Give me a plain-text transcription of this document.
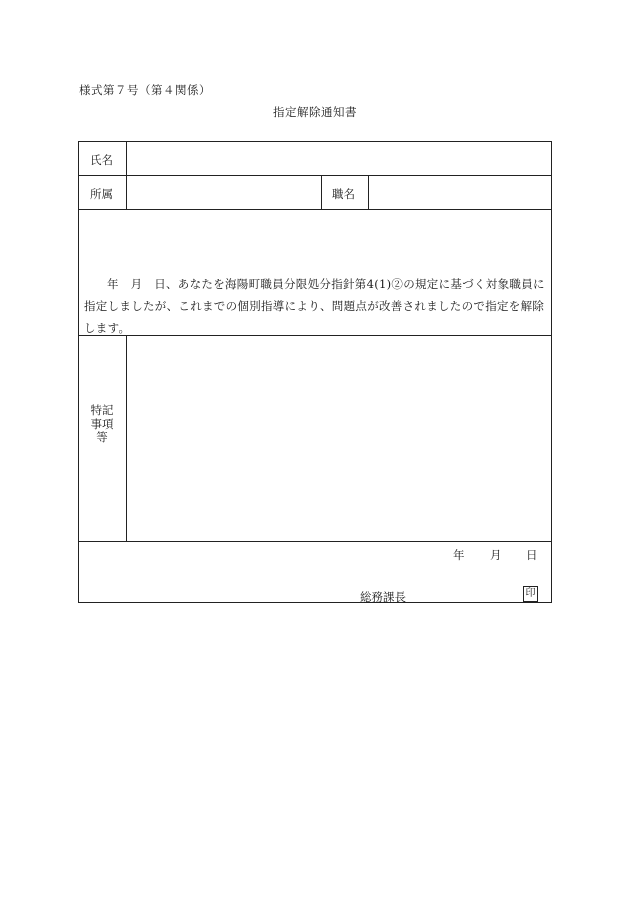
様式第７号（第４関係）
指定解除通知書
氏名
所属	職名
年　月　日、あなたを海陽町職員分限処分指針第4(1)②の規定に基づく対象職員に指定しましたが、これまでの個別指導により、問題点が改善されましたので指定を解除します。
特記事項等
年 月 日
総務課長	印
